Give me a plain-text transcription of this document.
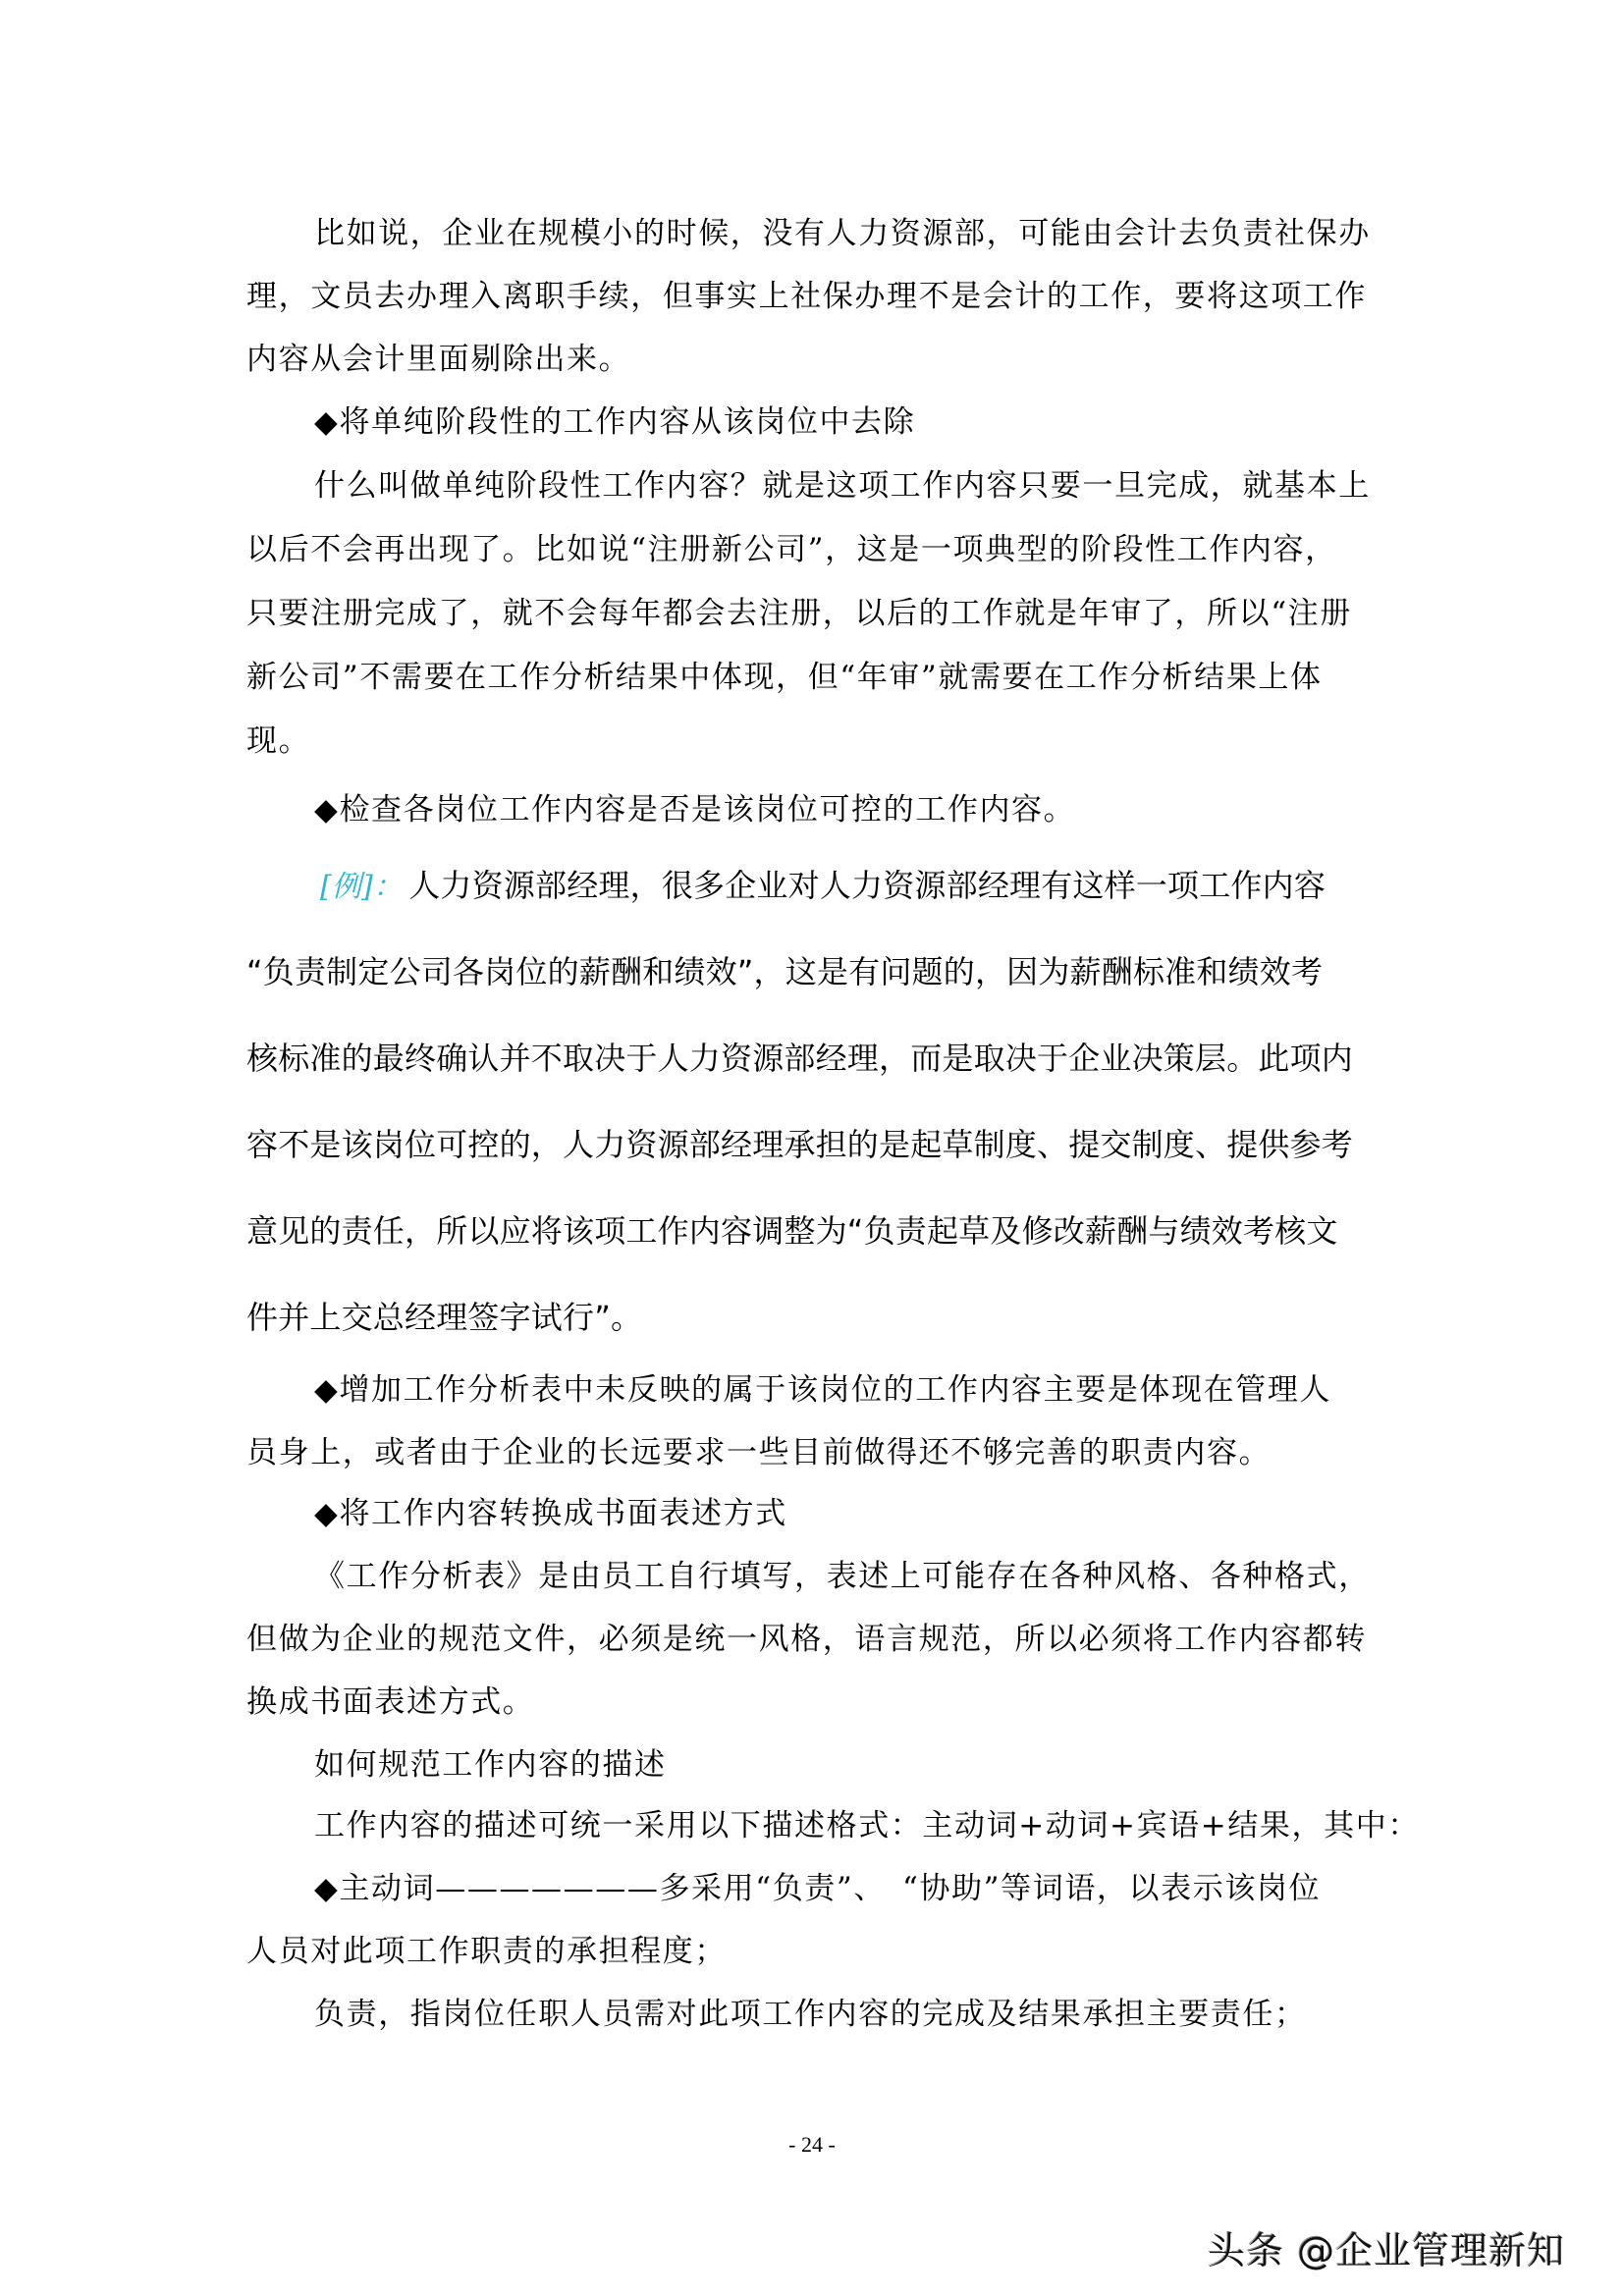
比如说，企业在规模小的时候，没有人力资源部，可能由会计去负责社保办
理，文员去办理入离职手续，但事实上社保办理不是会计的工作，要将这项工作
内容从会计里面剔除出来。
◆将单纯阶段性的工作内容从该岗位中去除
什么叫做单纯阶段性工作内容？就是这项工作内容只要一旦完成，就基本上
以后不会再出现了。比如说“注册新公司”，这是一项典型的阶段性工作内容，
只要注册完成了，就不会每年都会去注册，以后的工作就是年审了，所以“注册
新公司”不需要在工作分析结果中体现，但“年审”就需要在工作分析结果上体
现。
◆检查各岗位工作内容是否是该岗位可控的工作内容。
[例]： 人力资源部经理，很多企业对人力资源部经理有这样一项工作内容
“负责制定公司各岗位的薪酬和绩效”，这是有问题的，因为薪酬标准和绩效考
核标准的最终确认并不取决于人力资源部经理，而是取决于企业决策层。此项内
容不是该岗位可控的，人力资源部经理承担的是起草制度、提交制度、提供参考
意见的责任，所以应将该项工作内容调整为“负责起草及修改薪酬与绩效考核文
件并上交总经理签字试行”。
◆增加工作分析表中未反映的属于该岗位的工作内容主要是体现在管理人
员身上，或者由于企业的长远要求一些目前做得还不够完善的职责内容。
◆将工作内容转换成书面表述方式
《工作分析表》是由员工自行填写，表述上可能存在各种风格、各种格式，
但做为企业的规范文件，必须是统一风格，语言规范，所以必须将工作内容都转
换成书面表述方式。
如何规范工作内容的描述
工作内容的描述可统一采用以下描述格式：主动词+动词+宾语+结果，其中：
◆主动词———————多采用“负责”、　“协助”等词语，以表示该岗位
人员对此项工作职责的承担程度；
负责，指岗位任职人员需对此项工作内容的完成及结果承担主要责任；
- 24 -
头条 @企业管理新知
